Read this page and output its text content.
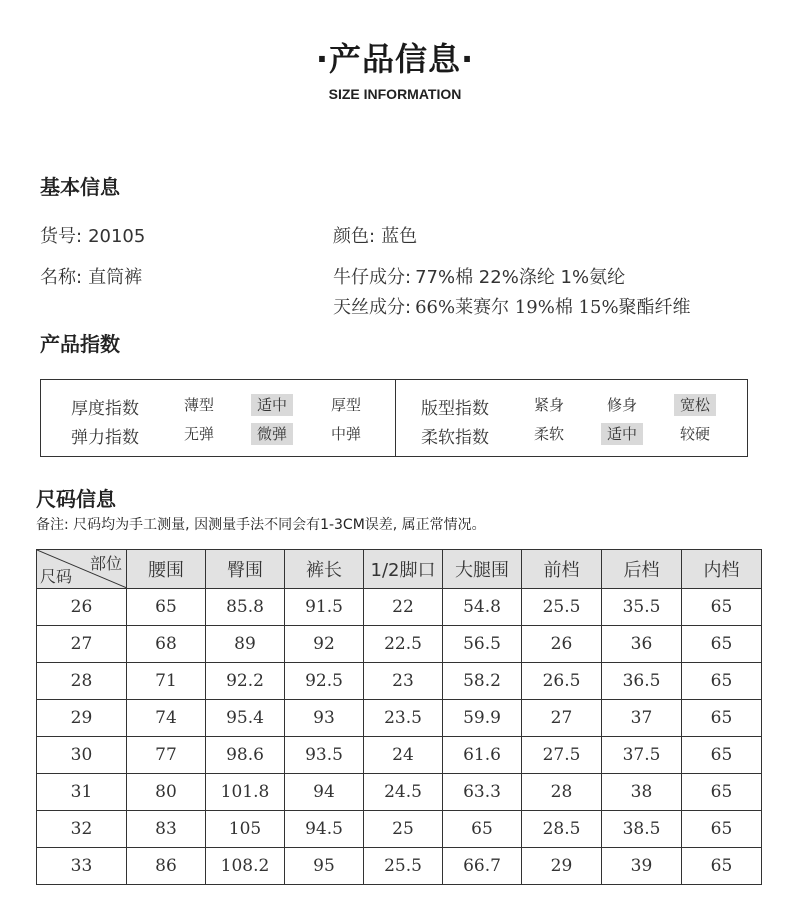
·产品信息·
SIZE INFORMATION
基本信息
货号: 20105
名称: 直筒裤
颜色: 蓝色
牛仔成分: 77%棉 22%涤纶 1%氨纶
天丝成分: 66%莱赛尔 19%棉 15%聚酯纤维
产品指数
厚度指数	薄型	适中	厚型
弹力指数	无弹	微弹	中弹
版型指数	紧身	修身	宽松
柔软指数	柔软	适中	较硬
尺码信息
备注: 尺码均为手工测量, 因测量手法不同会有1-3CM误差, 属正常情况。
部位
尺码	腰围	臀围	裤长	1/2脚口	大腿围	前档	后档	内档
26	65	85.8	91.5	22	54.8	25.5	35.5	65
27	68	89	92	22.5	56.5	26	36	65
28	71	92.2	92.5	23	58.2	26.5	36.5	65
29	74	95.4	93	23.5	59.9	27	37	65
30	77	98.6	93.5	24	61.6	27.5	37.5	65
31	80	101.8	94	24.5	63.3	28	38	65
32	83	105	94.5	25	65	28.5	38.5	65
33	86	108.2	95	25.5	66.7	29	39	65
